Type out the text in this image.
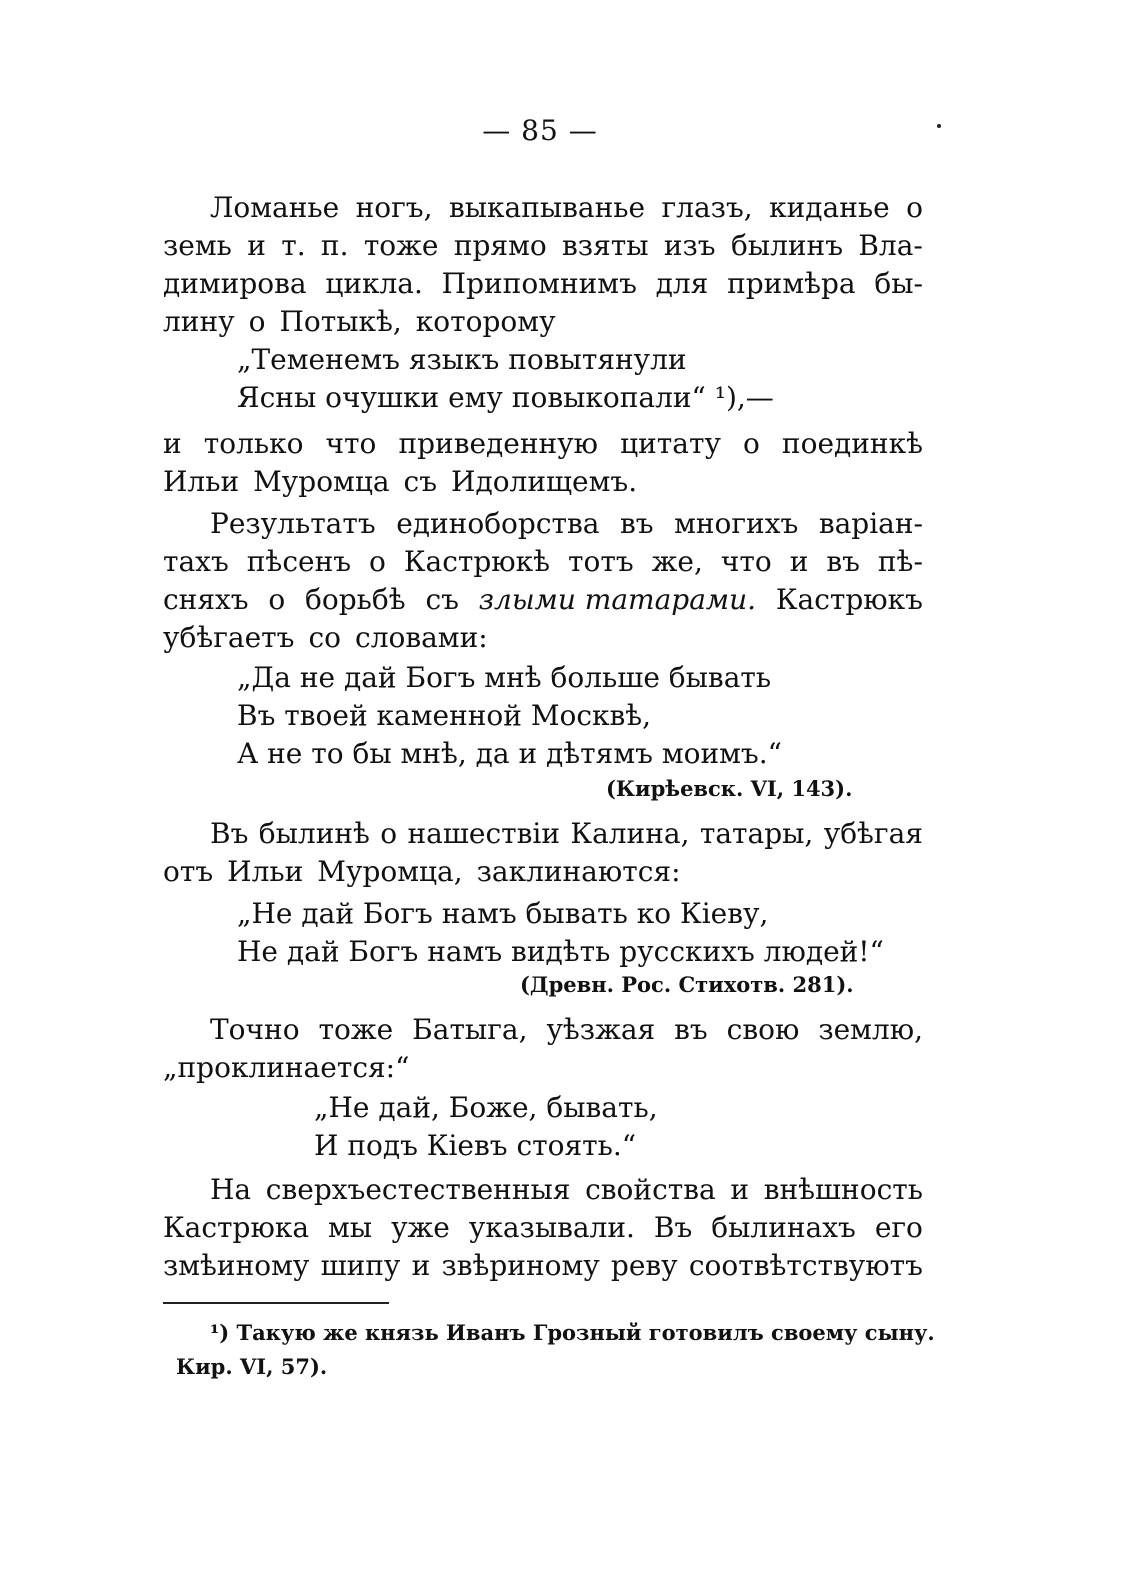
— 85 —
Ломанье ногъ, выкапыванье глазъ, киданье о
земь и т. п. тоже прямо взяты изъ былинъ Вла-
димирова цикла. Припомнимъ для примѣра бы-
лину о Потыкѣ, которому
„Теменемъ языкъ повытянули
Ясны очушки ему повыкопали“ ¹),—
и только что приведенную цитату о поединкѣ
Ильи Муромца съ Идолищемъ.
Результатъ единоборства въ многихъ варіан-
тахъ пѣсенъ о Кастрюкѣ тотъ же, что и въ пѣ-
сняхъ о борьбѣ съ злыми татарами. Кастрюкъ
убѣгаетъ со словами:
„Да не дай Богъ мнѣ больше бывать
Въ твоей каменной Москвѣ,
А не то бы мнѣ, да и дѣтямъ моимъ.“
(Кирѣевск. VI, 143).
Въ былинѣ о нашествіи Калина, татары, убѣгая
отъ Ильи Муромца, заклинаются:
„Не дай Богъ намъ бывать ко Кіеву,
Не дай Богъ намъ видѣть русскихъ людей!“
(Древн. Рос. Стихотв. 281).
Точно тоже Батыга, уѣзжая въ свою землю,
„проклинается:“
„Не дай, Боже, бывать,
И подъ Кіевъ стоять.“
На сверхъестественныя свойства и внѣшность
Кастрюка мы уже указывали. Въ былинахъ его
змѣиному шипу и звѣриному реву соотвѣтствуютъ
¹) Такую же князь Иванъ Грозный готовилъ своему сыну.
Кир. VI, 57).
